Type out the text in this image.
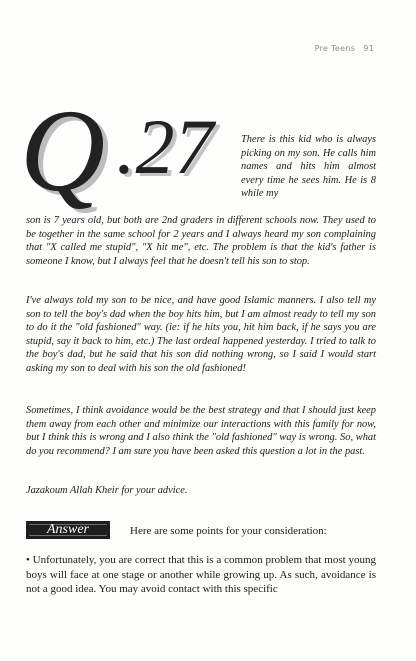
Pre Teens 91
Q .27	There is this kid who is always picking on my son. He calls him names and hits him almost every time he sees him. He is 8 while my

son is 7 years old, but both are 2nd graders in different schools now. They used to be together in the same school for 2 years and I always heard my son complaining that "X called me stupid", "X hit me", etc. The problem is that the kid's father is someone I know, but I always feel that he doesn't tell his son to stop.

I've always told my son to be nice, and have good Islamic manners. I also tell my son to tell the boy's dad when the boy hits him, but I am almost ready to tell my son to do it the "old fashioned" way. (ie: if he hits you, hit him back, if he says you are stupid, say it back to him, etc.) The last ordeal happened yesterday. I tried to talk to the boy's dad, but he said that his son did nothing wrong, so I said I would start asking my son to deal with his son the old fashioned!

Sometimes, I think avoidance would be the best strategy and that I should just keep them away from each other and minimize our interactions with this family for now, but I think this is wrong and I also think the "old fashioned" way is wrong. So, what do you recommend? I am sure you have been asked this question a lot in the past.

Jazakoum Allah Kheir for your advice.

Answer	Here are some points for your consideration:

• Unfortunately, you are correct that this is a common problem that most young boys will face at one stage or another while growing up. As such, avoidance is not a good idea. You may avoid contact with this specific
